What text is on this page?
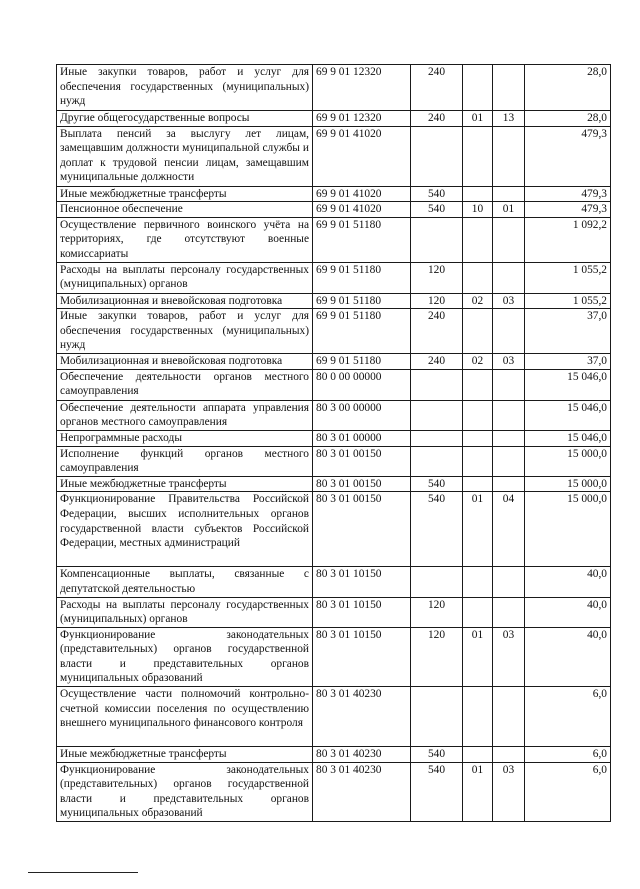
Иные закупки товаров, работ и услуг для обеспечения государственных (муниципальных) нужд	69 9 01 12320	240			28,0
Другие общегосударственные вопросы	69 9 01 12320	240	01	13	28,0
Выплата пенсий за выслугу лет лицам, замещавшим должности муниципальной службы и доплат к трудовой пенсии лицам, замещавшим муниципальные должности	69 9 01 41020				479,3
Иные межбюджетные трансферты	69 9 01 41020	540			479,3
Пенсионное обеспечение	69 9 01 41020	540	10	01	479,3
Осуществление первичного воинского учёта на территориях, где отсутствуют военные комиссариаты	69 9 01 51180				1 092,2
Расходы на выплаты персоналу государственных (муниципальных) органов	69 9 01 51180	120			1 055,2
Мобилизационная и вневойсковая подготовка	69 9 01 51180	120	02	03	1 055,2
Иные закупки товаров, работ и услуг для обеспечения государственных (муниципальных) нужд	69 9 01 51180	240			37,0
Мобилизационная и вневойсковая подготовка	69 9 01 51180	240	02	03	37,0
Обеспечение деятельности органов местного самоуправления	80 0 00 00000				15 046,0
Обеспечение деятельности аппарата управления органов местного самоуправления	80 3 00 00000				15 046,0
Непрограммные расходы	80 3 01 00000				15 046,0
Исполнение функций органов местного самоуправления	80 3 01 00150				15 000,0
Иные межбюджетные трансферты	80 3 01 00150	540			15 000,0
Функционирование Правительства Российской Федерации, высших исполнительных органов государственной власти субъектов Российской Федерации, местных администраций	80 3 01 00150	540	01	04	15 000,0
Компенсационные выплаты, связанные с депутатской деятельностью	80 3 01 10150				40,0
Расходы на выплаты персоналу государственных (муниципальных) органов	80 3 01 10150	120			40,0
Функционирование законодательных (представительных) органов государственной власти и представительных органов муниципальных образований	80 3 01 10150	120	01	03	40,0
Осуществление части полномочий контрольно-счетной комиссии поселения по осуществлению внешнего муниципального финансового контроля	80 3 01 40230				6,0
Иные межбюджетные трансферты	80 3 01 40230	540			6,0
Функционирование законодательных (представительных) органов государственной власти и представительных органов муниципальных образований	80 3 01 40230	540	01	03	6,0
